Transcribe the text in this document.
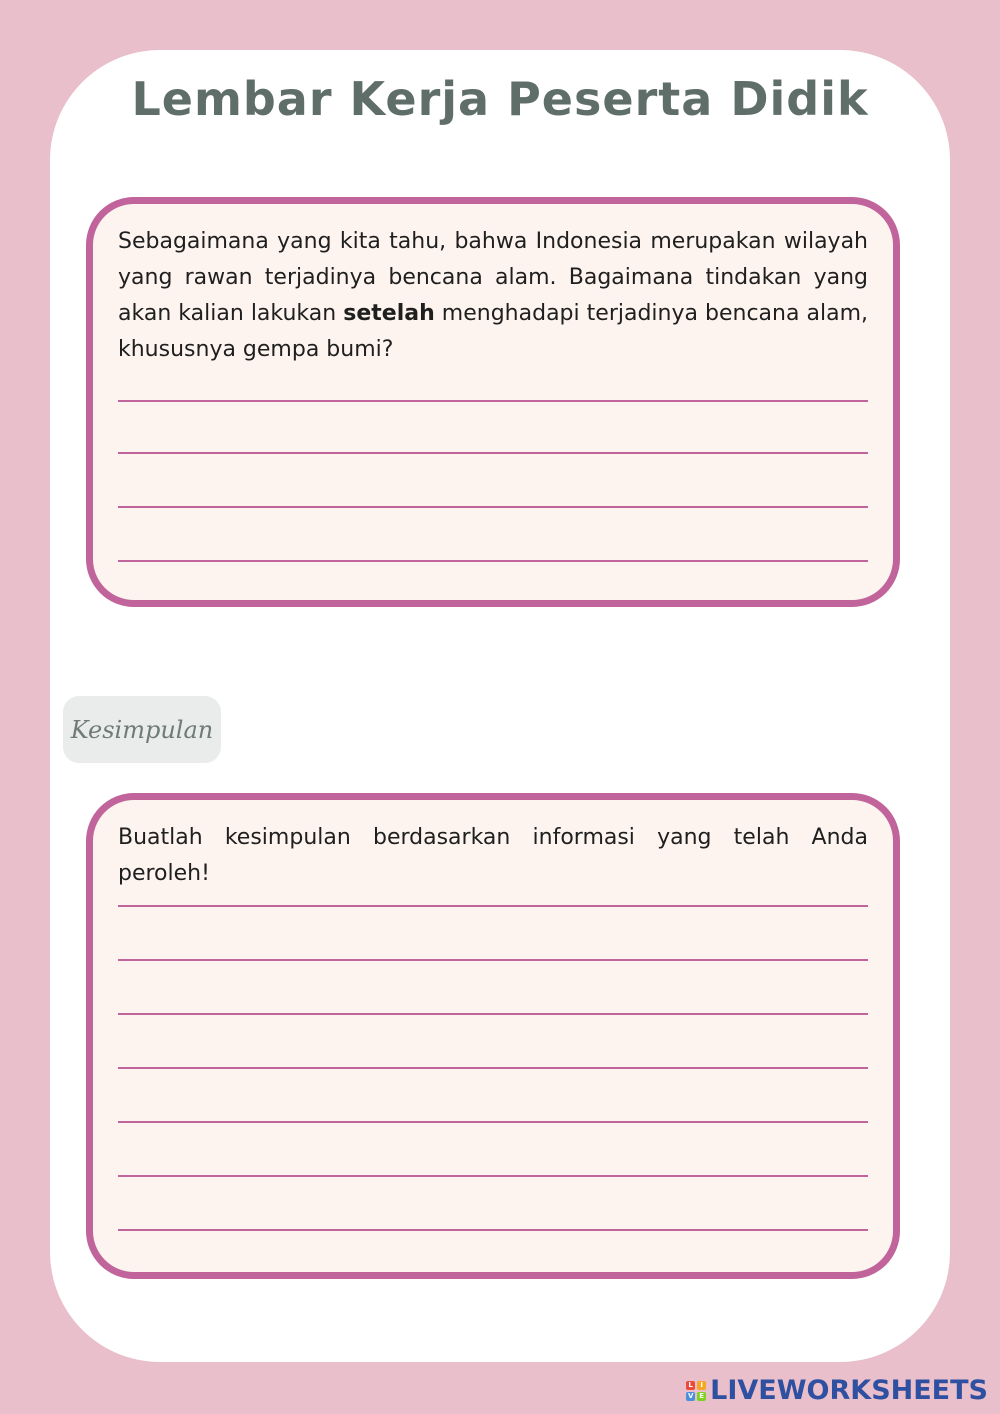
Lembar Kerja Peserta Didik

Sebagaimana yang kita tahu, bahwa Indonesia merupakan wilayah yang rawan terjadinya bencana alam. Bagaimana tindakan yang akan kalian lakukan setelah menghadapi terjadinya bencana alam, khususnya gempa bumi?

Kesimpulan

Buatlah kesimpulan berdasarkan informasi yang telah Anda peroleh!

L	I
V E LIVEWORKSHEETS
